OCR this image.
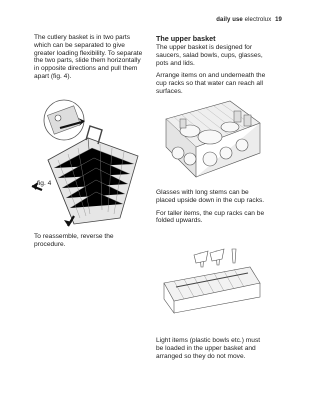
daily use electrolux 19

The cutlery basket is in two parts which can be separated to give greater loading flexibility. To separate the two parts, slide them horizontally in opposite directions and pull them apart (fig. 4).

fig. 4

To reassemble, reverse the procedure.

The upper basket

The upper basket is designed for saucers, salad bowls, cups, glasses, pots and lids.

Arrange items on and underneath the cup racks so that water can reach all surfaces.

Glasses with long stems can be placed upside down in the cup racks.

For taller items, the cup racks can be folded upwards.

Light items (plastic bowls etc.) must be loaded in the upper basket and arranged so they do not move.
